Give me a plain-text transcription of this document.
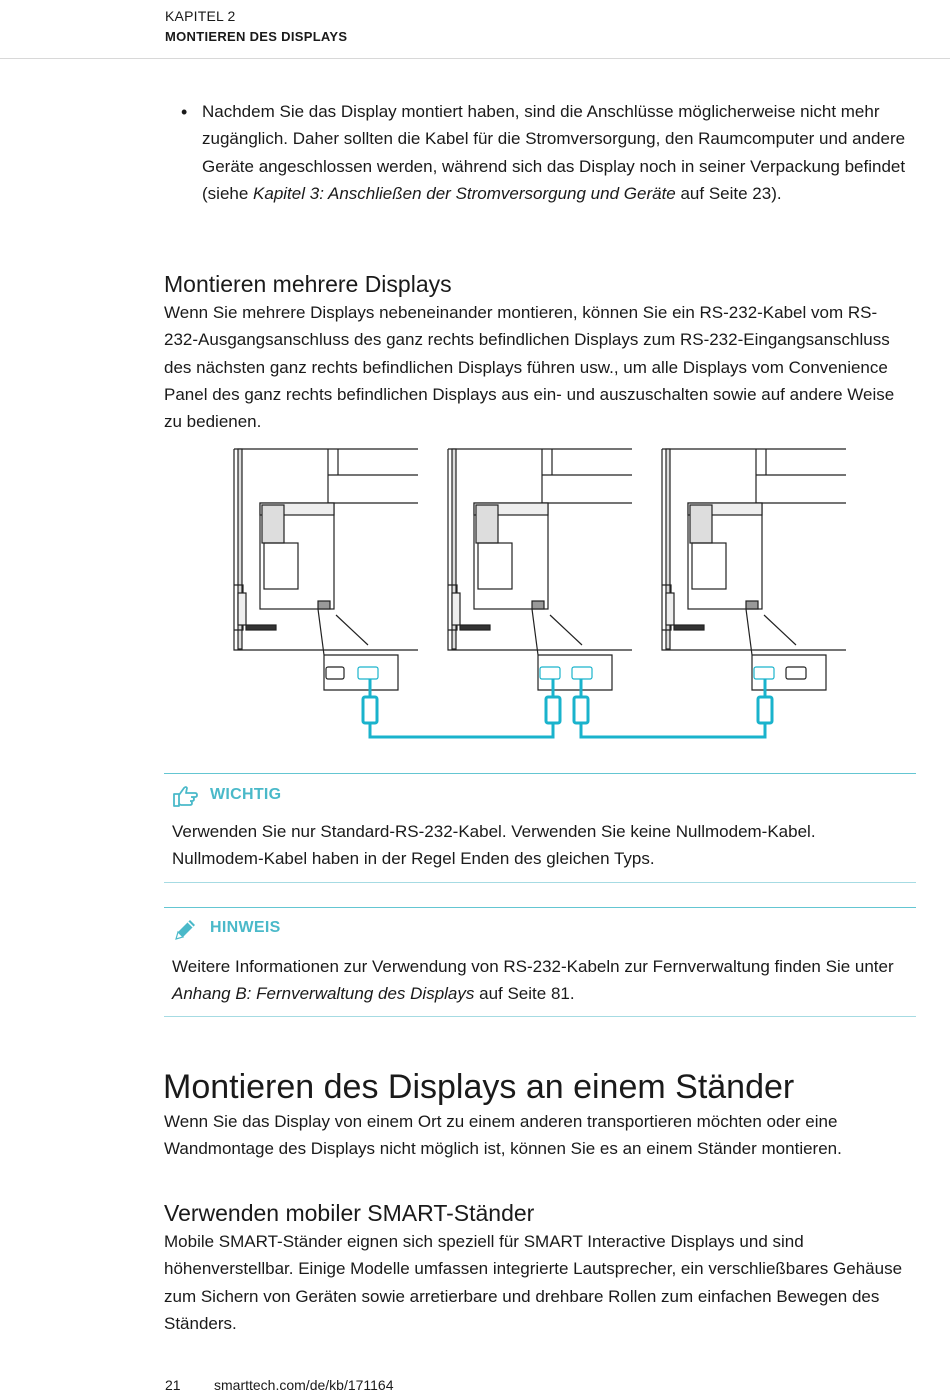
KAPITEL 2
MONTIEREN DES DISPLAYS
• Nachdem Sie das Display montiert haben, sind die Anschlüsse möglicherweise nicht mehr zugänglich. Daher sollten die Kabel für die Stromversorgung, den Raumcomputer und andere Geräte angeschlossen werden, während sich das Display noch in seiner Verpackung befindet (siehe Kapitel 3: Anschließen der Stromversorgung und Geräte auf Seite 23).
Montieren mehrere Displays
Wenn Sie mehrere Displays nebeneinander montieren, können Sie ein RS-232-Kabel vom RS-232-Ausgangsanschluss des ganz rechts befindlichen Displays zum RS-232-Eingangsanschluss des nächsten ganz rechts befindlichen Displays führen usw., um alle Displays vom Convenience Panel des ganz rechts befindlichen Displays aus ein- und auszuschalten sowie auf andere Weise zu bedienen.
WICHTIG
Verwenden Sie nur Standard-RS-232-Kabel. Verwenden Sie keine Nullmodem-Kabel. Nullmodem-Kabel haben in der Regel Enden des gleichen Typs.
HINWEIS
Weitere Informationen zur Verwendung von RS-232-Kabeln zur Fernverwaltung finden Sie unter Anhang B: Fernverwaltung des Displays auf Seite 81.
Montieren des Displays an einem Ständer
Wenn Sie das Display von einem Ort zu einem anderen transportieren möchten oder eine Wandmontage des Displays nicht möglich ist, können Sie es an einem Ständer montieren.
Verwenden mobiler SMART-Ständer
Mobile SMART-Ständer eignen sich speziell für SMART Interactive Displays und sind höhenverstellbar. Einige Modelle umfassen integrierte Lautsprecher, ein verschließbares Gehäuse zum Sichern von Geräten sowie arretierbare und drehbare Rollen zum einfachen Bewegen des Ständers.
21 smarttech.com/de/kb/171164
